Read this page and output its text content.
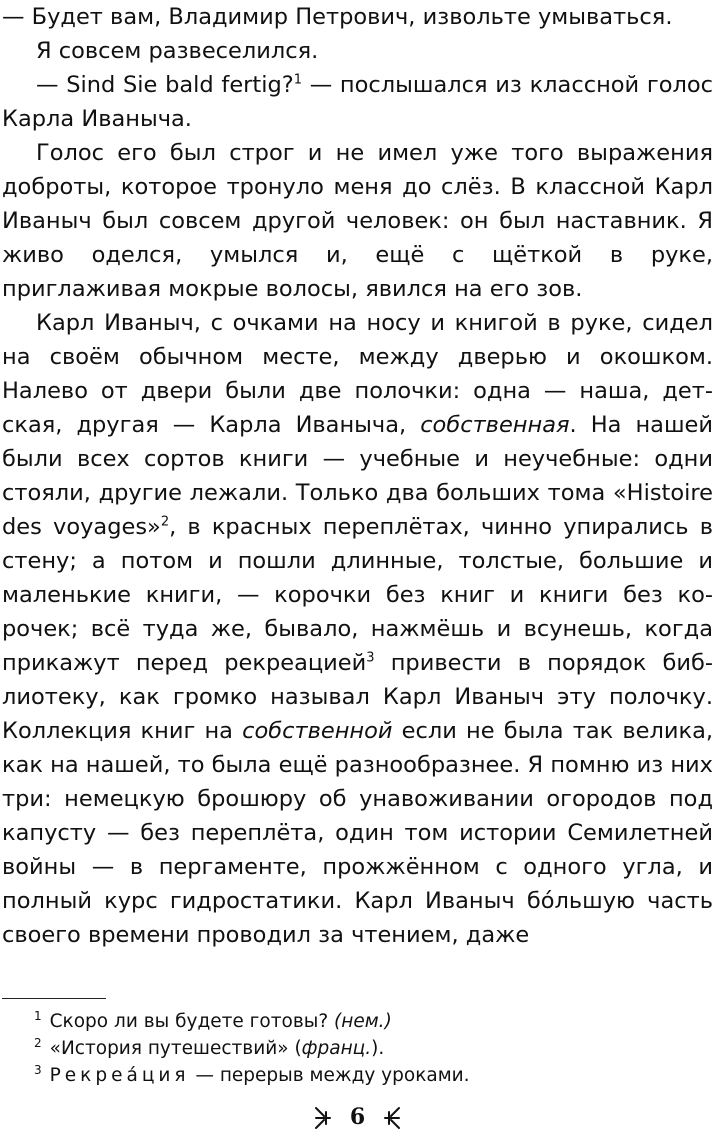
— Будет вам, Владимир Петрович, извольте умываться.

Я совсем развеселился.

— Sind Sie bald fertig?$^1$ — послышался из классной голос Карла Иваныча.

Голос его был строг и не имел уже того выражения доброты, которое тронуло меня до слёз. В классной Карл Иваныч был совсем другой человек: он был наставник. Я живо оделся, умылся и, ещё с щёткой в руке, приглаживая мокрые волосы, явился на его зов.

Карл Иваныч, с очками на носу и книгой в руке, сидел на своём обычном месте, между дверью и окошком. Налево от двери были две полочки: одна — наша, детская, другая — Карла Иваныча, собственная. На нашей были всех сортов книги — учебные и неучебные: одни стояли, другие лежали. Только два больших тома «Histoire des voyages»$^2$, в красных переплётах, чинно упирались в стену; а потом и пошли длинные, толстые, большие и маленькие книги, — корочки без книг и книги без корочек; всё туда же, бывало, нажмёшь и всунешь, когда прикажут перед рекреацией$^3$ привести в порядок библиотеку, как громко называл Карл Иваныч эту полочку. Коллекция книг на собственной если не была так велика, как на нашей, то была ещё разнообразнее. Я помню из них три: немецкую брошюру об унавоживании огородов под капусту — без переплёта, один том истории Семилетней войны — в пергаменте, прожжённом с одного угла, и полный курс гидростатики. Карл Иваныч бóльшую часть своего времени проводил за чтением, даже

$^1$ Скоро ли вы будете готовы? (нем.)
$^2$ «История путешествий» (франц.).
$^3$ Рекреáция — перерыв между уроками.
6
